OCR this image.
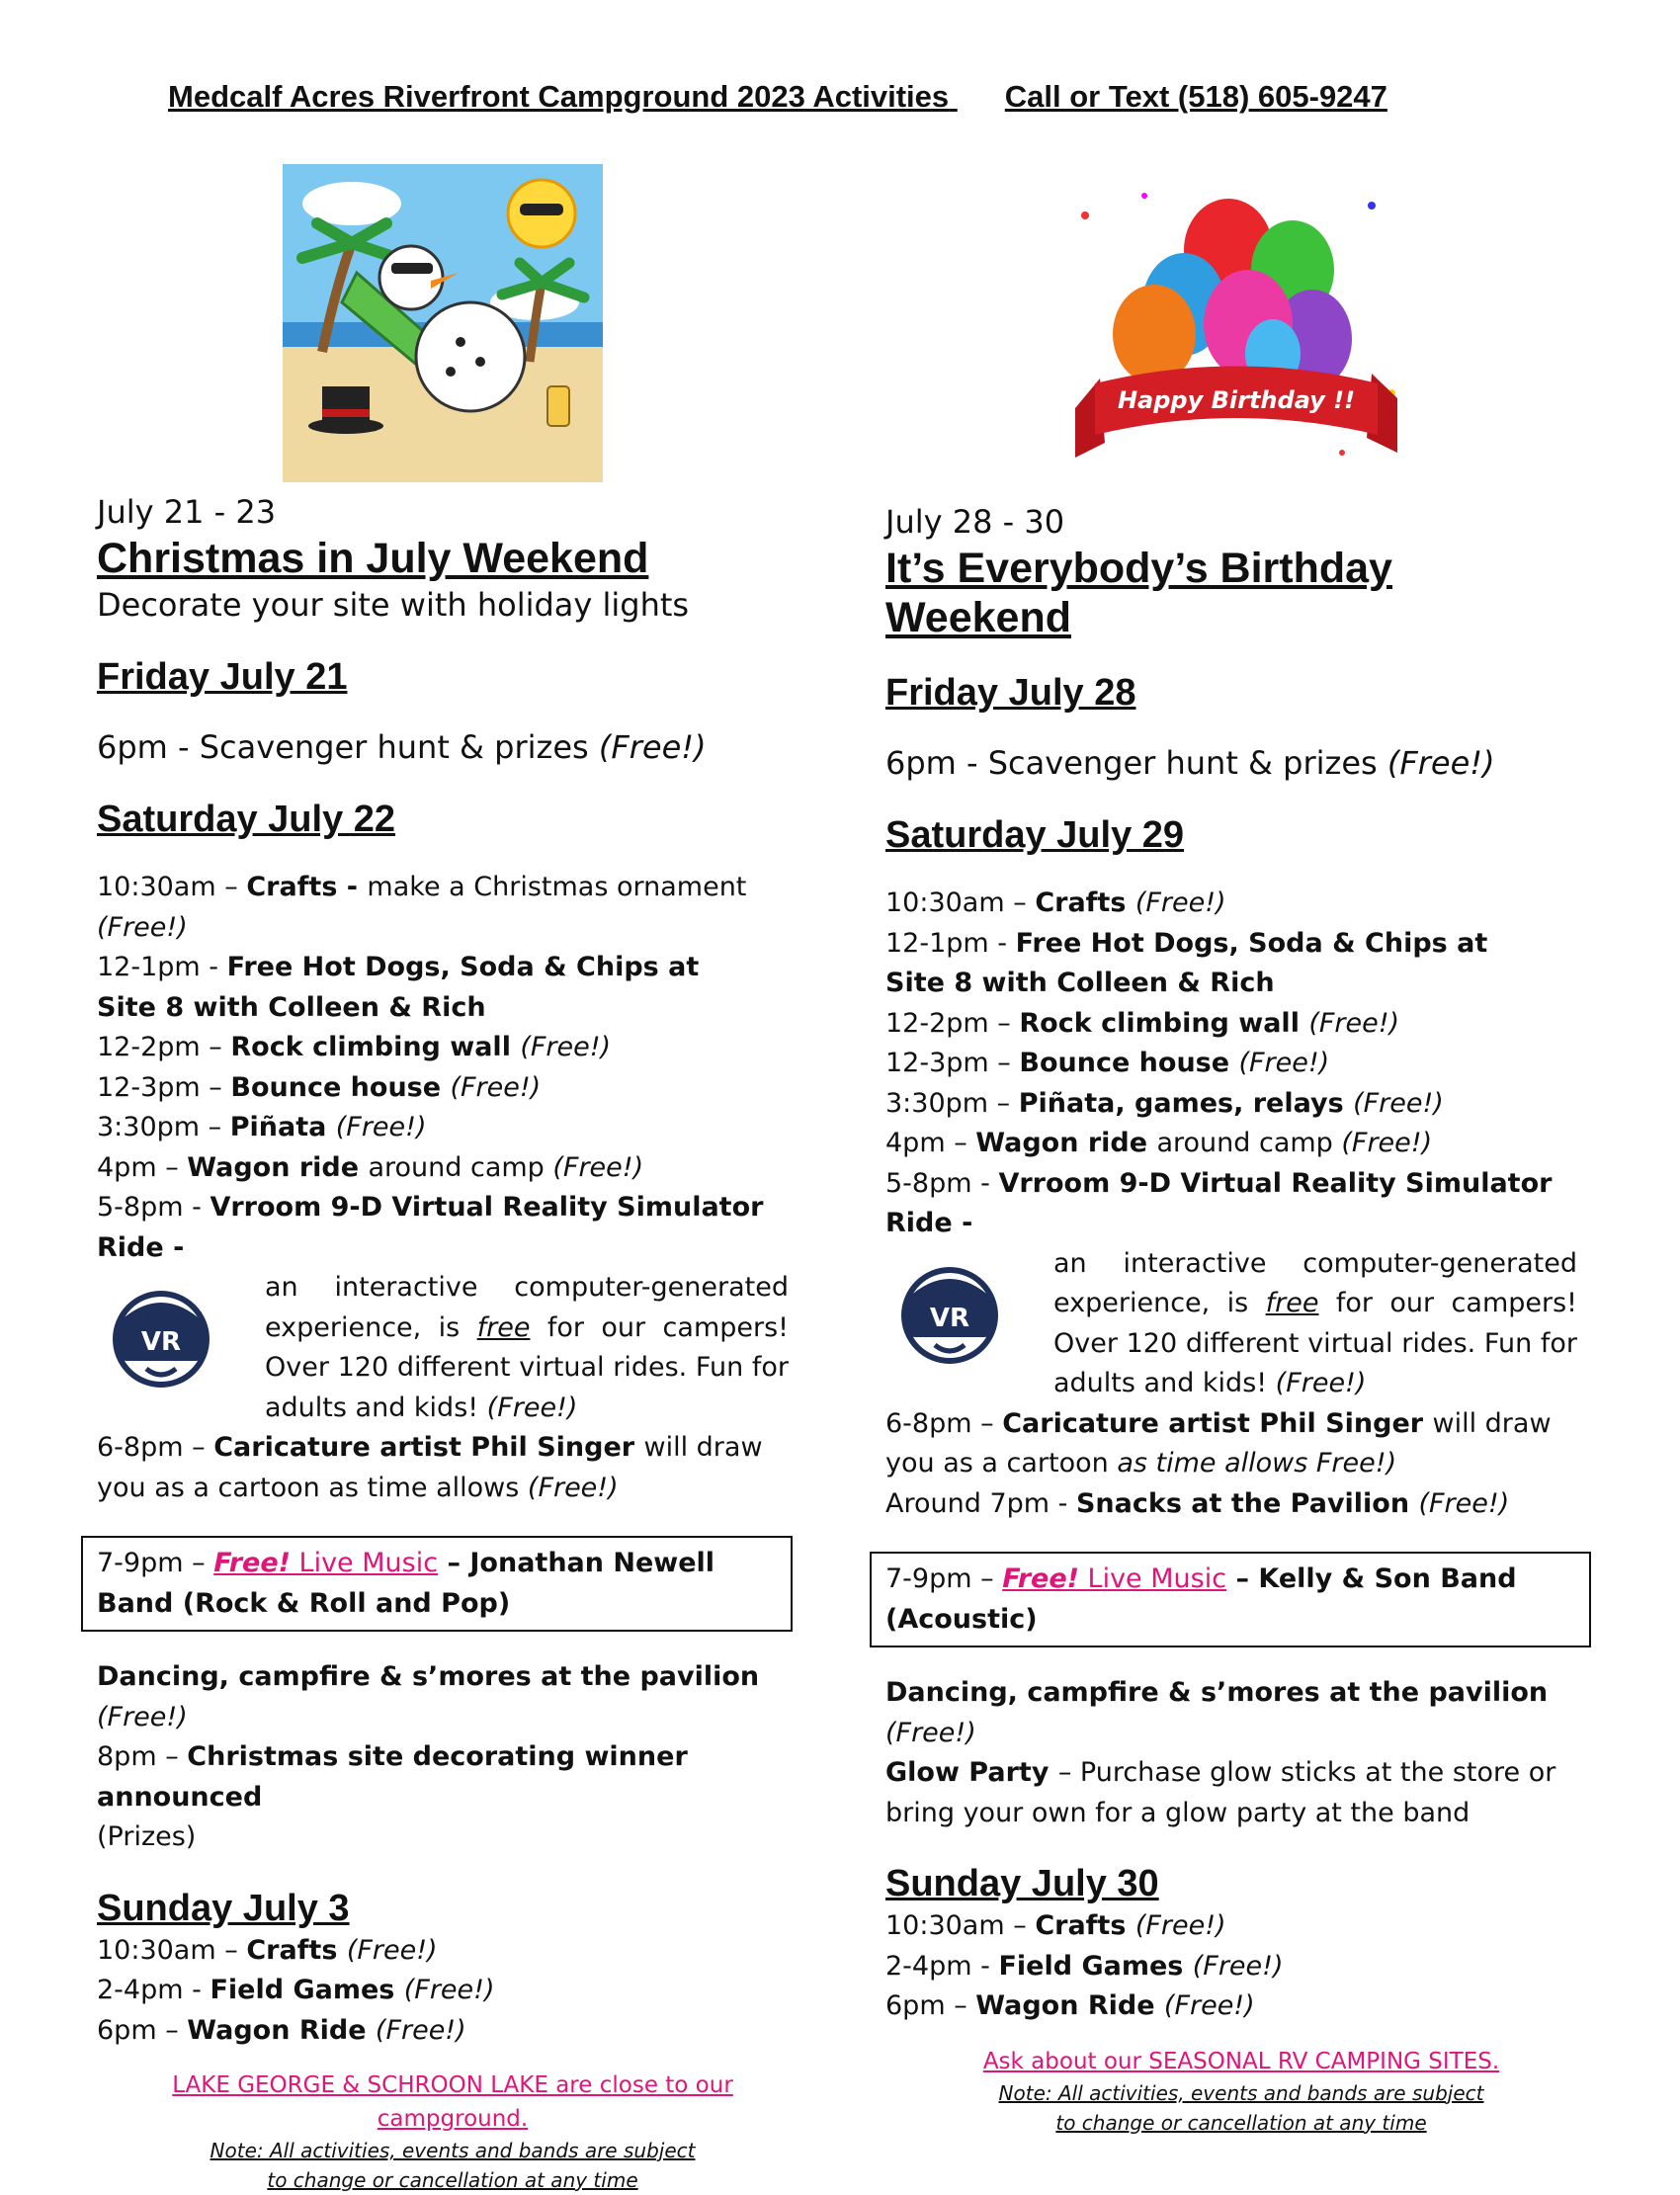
Medcalf Acres Riverfront Campground 2023 Activities Call or Text (518) 605-9247
Happy Birthday !!
July 21 - 23
Christmas in July Weekend
Decorate your site with holiday lights
Friday July 21
6pm - Scavenger hunt & prizes (Free!)
Saturday July 22
10:30am – Crafts - make a Christmas ornament
(Free!)
12-1pm - Free Hot Dogs, Soda & Chips at
Site 8 with Colleen & Rich
12-2pm – Rock climbing wall (Free!)
12-3pm – Bounce house (Free!)
3:30pm – Piñata (Free!)
4pm – Wagon ride around camp (Free!)
5-8pm - Vrroom 9-D Virtual Reality Simulator Ride -
VR
an interactive computer-generated experience, is free for our campers! Over 120 different virtual rides. Fun for adults and kids! (Free!)
6-8pm – Caricature artist Phil Singer will draw you as a cartoon as time allows (Free!)
7-9pm – Free! Live Music – Jonathan Newell Band (Rock & Roll and Pop)
Dancing, campfire & s’mores at the pavilion (Free!)
8pm – Christmas site decorating winner announced
(Prizes)
Sunday July 3
10:30am – Crafts (Free!)
2-4pm - Field Games (Free!)
6pm – Wagon Ride (Free!)
LAKE GEORGE & SCHROON LAKE are close to our campground.
Note: All activities, events and bands are subject
to change or cancellation at any time
July 28 - 30
It’s Everybody’s Birthday
Weekend
Friday July 28
6pm - Scavenger hunt & prizes (Free!)
Saturday July 29
10:30am – Crafts (Free!)
12-1pm - Free Hot Dogs, Soda & Chips at
Site 8 with Colleen & Rich
12-2pm – Rock climbing wall (Free!)
12-3pm – Bounce house (Free!)
3:30pm – Piñata, games, relays (Free!)
4pm – Wagon ride around camp (Free!)
5-8pm - Vrroom 9-D Virtual Reality Simulator Ride -
VR
an interactive computer-generated experience, is free for our campers! Over 120 different virtual rides. Fun for adults and kids! (Free!)
6-8pm – Caricature artist Phil Singer will draw you as a cartoon as time allows Free!)
Around 7pm - Snacks at the Pavilion (Free!)
7-9pm – Free! Live Music – Kelly & Son Band (Acoustic)
Dancing, campfire & s’mores at the pavilion (Free!)
Glow Party – Purchase glow sticks at the store or bring your own for a glow party at the band
Sunday July 30
10:30am – Crafts (Free!)
2-4pm - Field Games (Free!)
6pm – Wagon Ride (Free!)
Ask about our SEASONAL RV CAMPING SITES.
Note: All activities, events and bands are subject
to change or cancellation at any time
